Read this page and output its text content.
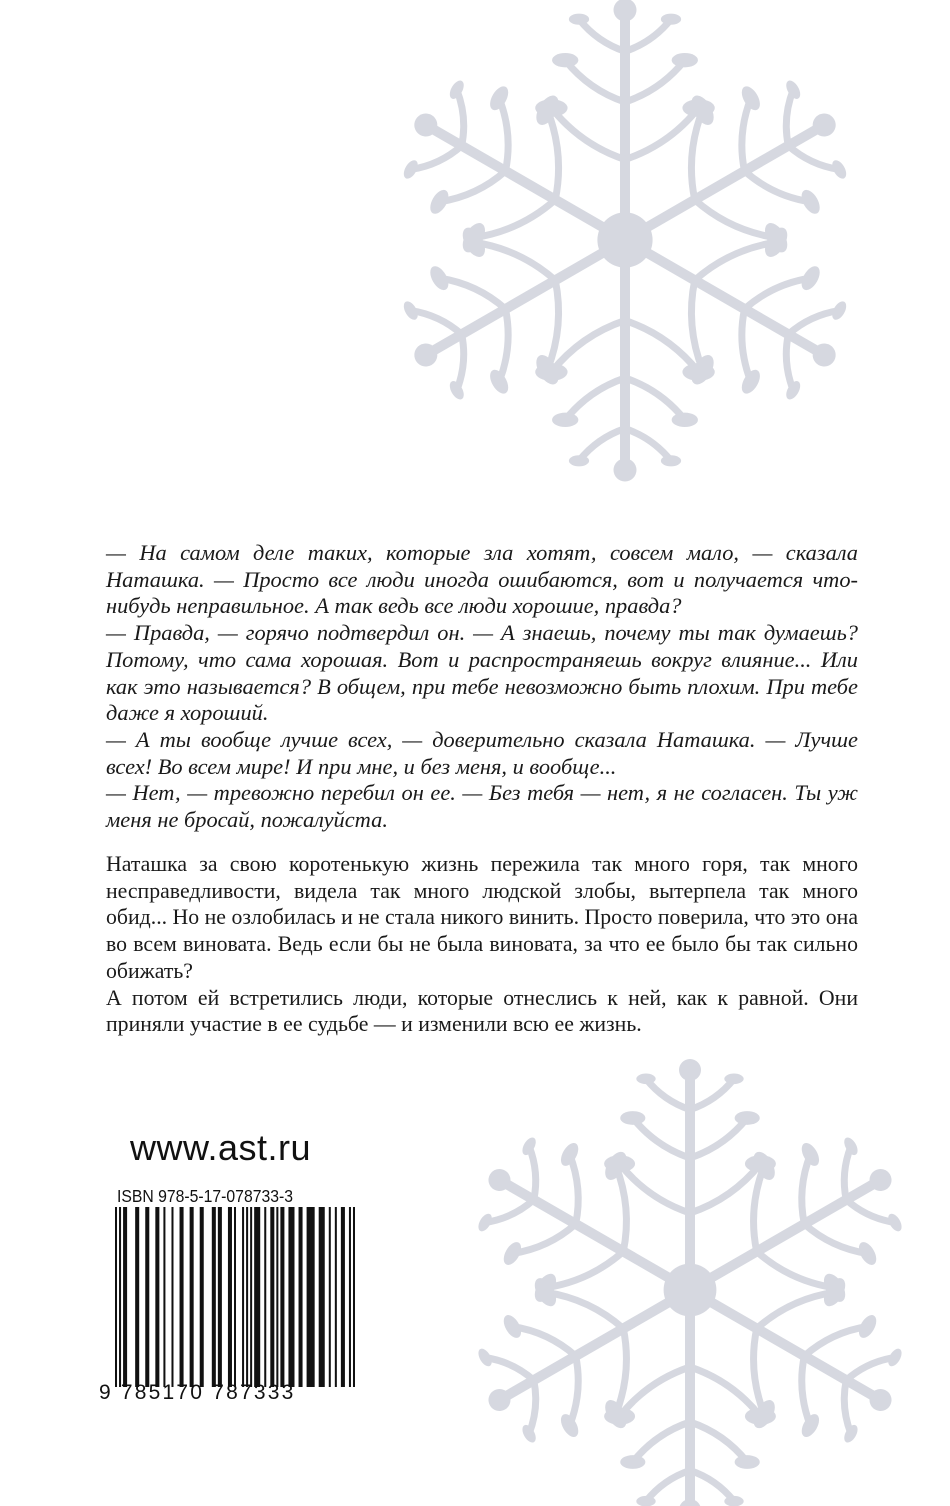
— На самом деле таких, которые зла хотят, совсем мало, — сказала Наташка. — Просто все люди иногда ошибаются, вот и получается что-нибудь неправильное. А так ведь все люди хорошие, правда?

— Правда, — горячо подтвердил он. — А знаешь, почему ты так думаешь? Потому, что сама хорошая. Вот и распространяешь вокруг влияние... Или как это называется? В общем, при тебе невозможно быть плохим. При тебе даже я хороший.

— А ты вообще лучше всех, — доверительно сказала Наташка. — Лучше всех! Во всем мире! И при мне, и без меня, и вообще...

— Нет, — тревожно перебил он ее. — Без тебя — нет, я не согласен. Ты уж меня не бросай, пожалуйста.

Наташка за свою коротенькую жизнь пережила так много горя, так много несправедливости, видела так много людской злобы, вытерпела так много обид... Но не озлобилась и не стала никого винить. Просто поверила, что это она во всем виновата. Ведь если бы не была виновата, за что ее было бы так сильно обижать?

А потом ей встретились люди, которые отнеслись к ней, как к равной. Они приняли участие в ее судьбе — и изменили всю ее жизнь.

www.ast.ru
ISBN 978-5-17-078733-3
9 785170 787333
